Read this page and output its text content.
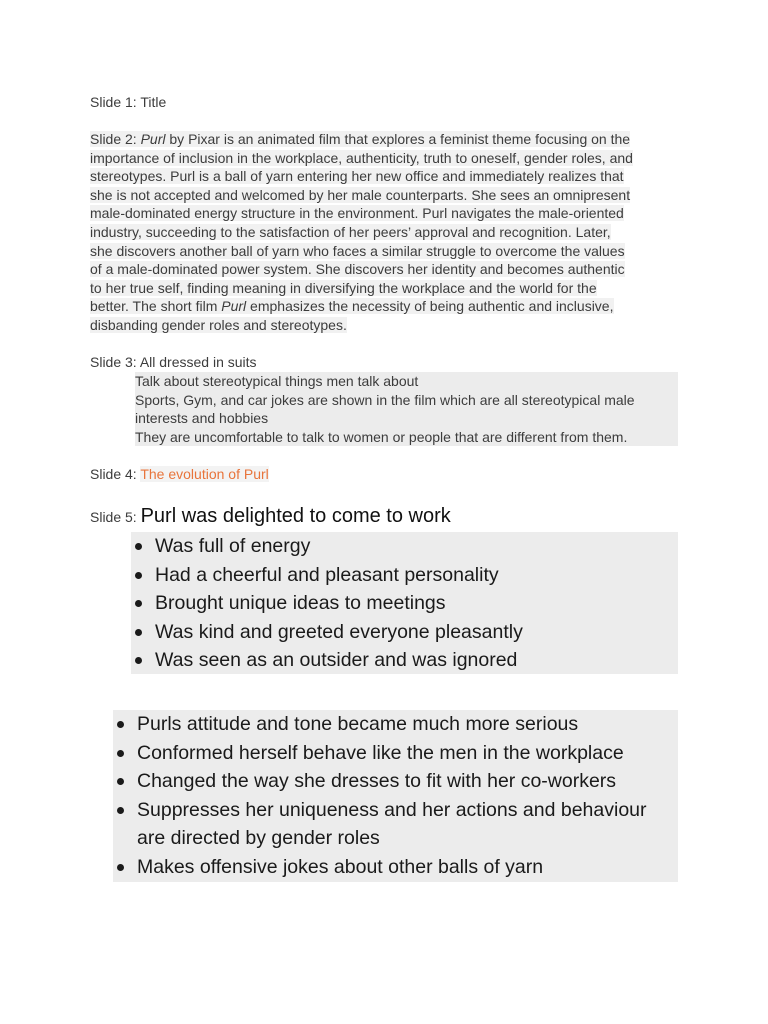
Slide 1: Title
Slide 2: Purl by Pixar is an animated film that explores a feminist theme focusing on the
importance of inclusion in the workplace, authenticity, truth to oneself, gender roles, and
stereotypes. Purl is a ball of yarn entering her new office and immediately realizes that
she is not accepted and welcomed by her male counterparts. She sees an omnipresent
male-dominated energy structure in the environment. Purl navigates the male-oriented
industry, succeeding to the satisfaction of her peers’ approval and recognition. Later,
she discovers another ball of yarn who faces a similar struggle to overcome the values
of a male-dominated power system. She discovers her identity and becomes authentic
to her true self, finding meaning in diversifying the workplace and the world for the
better. The short film Purl emphasizes the necessity of being authentic and inclusive,
disbanding gender roles and stereotypes.
Slide 3: All dressed in suits
Talk about stereotypical things men talk about
Sports, Gym, and car jokes are shown in the film which are all stereotypical male
interests and hobbies
They are uncomfortable to talk to women or people that are different from them.
Slide 4: The evolution of Purl
Slide 5: Purl was delighted to come to work
Was full of energy
Had a cheerful and pleasant personality
Brought unique ideas to meetings
Was kind and greeted everyone pleasantly
Was seen as an outsider and was ignored
Purls attitude and tone became much more serious
Conformed herself behave like the men in the workplace
Changed the way she dresses to fit with her co-workers
Suppresses her uniqueness and her actions and behaviour
are directed by gender roles
Makes offensive jokes about other balls of yarn
